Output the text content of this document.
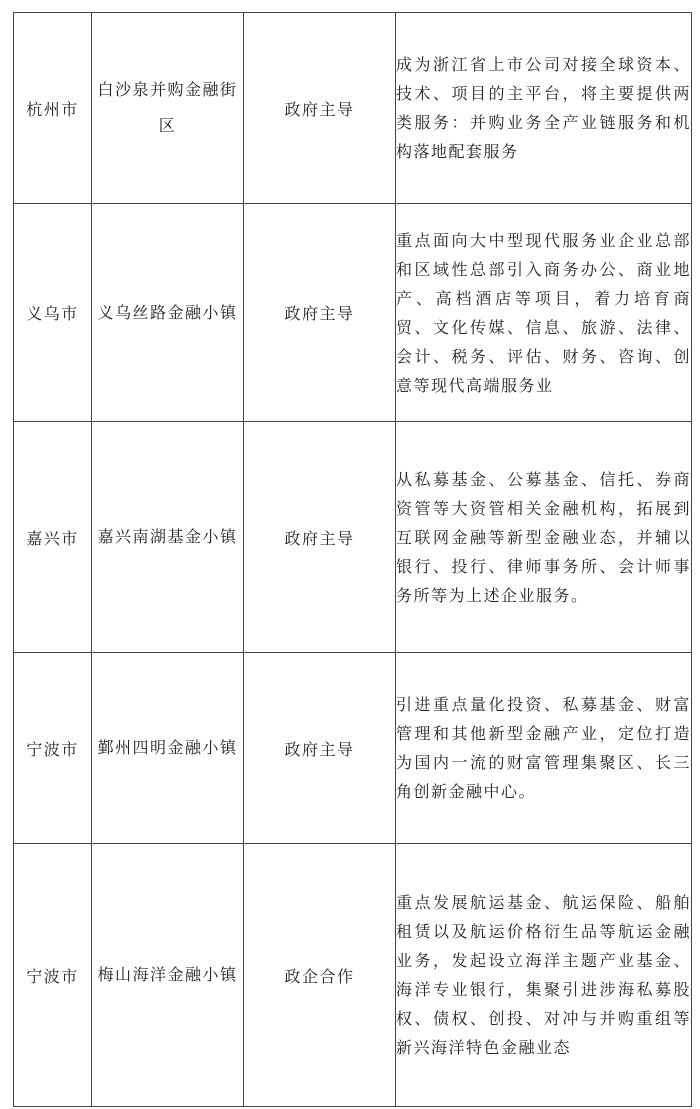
杭州市	白沙泉并购金融街区	政府主导	成为浙江省上市公司对接全球资本、技术、项目的主平台，将主要提供两类服务：并购业务全产业链服务和机构落地配套服务
义乌市	义乌丝路金融小镇	政府主导	重点面向大中型现代服务业企业总部和区域性总部引入商务办公、商业地产、高档酒店等项目，着力培育商贸、文化传媒、信息、旅游、法律、会计、税务、评估、财务、咨询、创意等现代高端服务业
嘉兴市	嘉兴南湖基金小镇	政府主导	从私募基金、公募基金、信托、券商资管等大资管相关金融机构，拓展到互联网金融等新型金融业态，并辅以银行、投行、律师事务所、会计师事务所等为上述企业服务。
宁波市	鄞州四明金融小镇	政府主导	引进重点量化投资、私募基金、财富管理和其他新型金融产业，定位打造为国内一流的财富管理集聚区、长三角创新金融中心。
宁波市	梅山海洋金融小镇	政企合作	重点发展航运基金、航运保险、船舶租赁以及航运价格衍生品等航运金融业务，发起设立海洋主题产业基金、海洋专业银行，集聚引进涉海私募股权、债权、创投、对冲与并购重组等新兴海洋特色金融业态
